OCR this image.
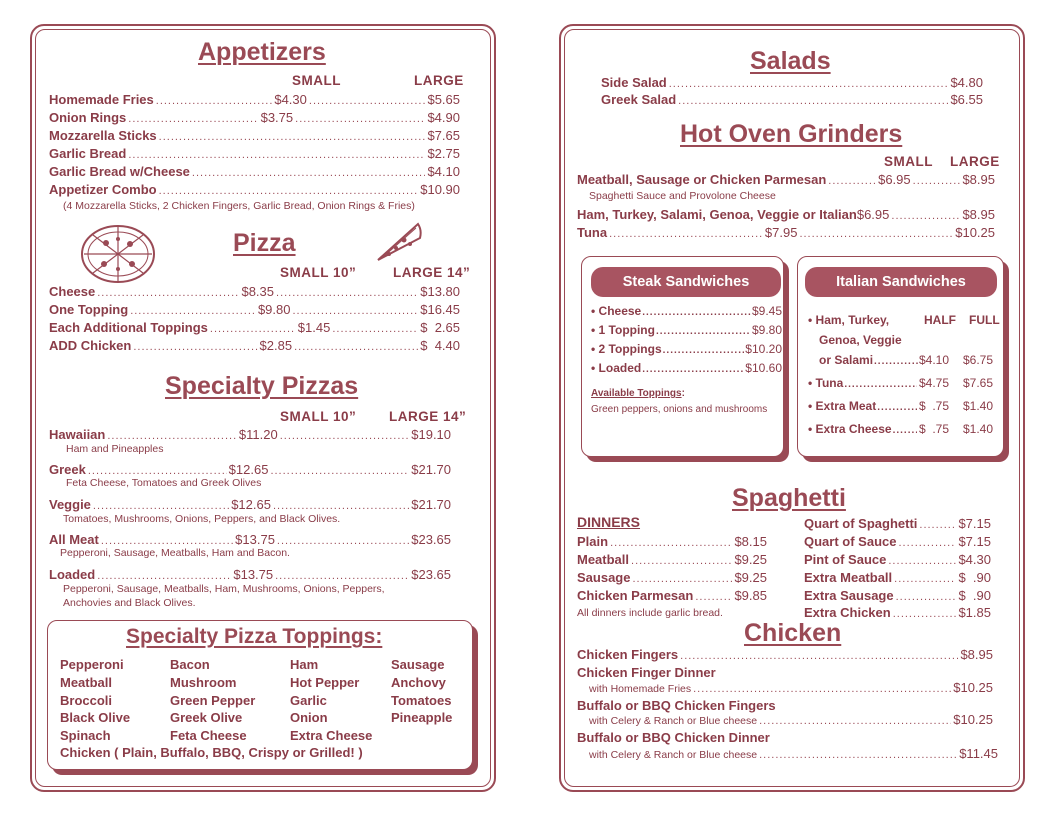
Appetizers
SMALL	LARGE
Homemade Fries .....	$4.30 .....	$5.65
Onion Rings .....	$3.75 .....	$4.90
Mozzarella Sticks .....	$7.65
Garlic Bread .....	$2.75
Garlic Bread w/Cheese .....	$4.10
Appetizer Combo .....	$10.90
(4 Mozzarella Sticks, 2 Chicken Fingers, Garlic Bread, Onion Rings & Fries)
Pizza
SMALL 10”	LARGE 14”
Cheese .....	$8.35 .....	$13.80
One Topping .....	$9.80 .....	$16.45
Each Additional Toppings .....	$1.45 .....	$  2.65
ADD Chicken .....	$2.85 .....	$  4.40
Specialty Pizzas
SMALL 10” LARGE 14”
Hawaiian .....	$11.20 .....	$19.10
Ham and Pineapples
Greek .....	$12.65 .....	$21.70
Feta Cheese, Tomatoes and Greek Olives
Veggie .....	$12.65 .....	$21.70
Tomatoes, Mushrooms, Onions, Peppers, and Black Olives.
All Meat .....	$13.75 .....	$23.65
Pepperoni, Sausage, Meatballs, Ham and Bacon.
Loaded .....	$13.75 .....	$23.65
Pepperoni, Sausage, Meatballs, Ham, Mushrooms, Onions, Peppers,
Anchovies and Black Olives.
Specialty Pizza Toppings:
Pepperoni
Meatball
Broccoli
Black Olive
Spinach
Bacon
Mushroom
Green Pepper
Greek Olive
Feta Cheese
Ham
Hot Pepper
Garlic
Onion
Extra Cheese
Sausage
Anchovy
Tomatoes
Pineapple
Chicken ( Plain, Buffalo, BBQ, Crispy or Grilled! )
Salads
Side Salad .....	$4.80
Greek Salad .....	$6.55
Hot Oven Grinders
SMALL LARGE
Meatball, Sausage or Chicken Parmesan .....	$6.95 .....	$8.95
Spaghetti Sauce and Provolone Cheese
Ham, Turkey, Salami, Genoa, Veggie or Italian $6.95 .....	$8.95
Tuna .....	$7.95 .....	$10.25
Steak Sandwiches
• Cheese .....	$9.45
• 1 Topping .....	$9.80
• 2 Toppings .....	$10.20
• Loaded .....	$10.60
Available Toppings:
Green peppers, onions and mushrooms
Italian Sandwiches
HALF FULL
• Ham, Turkey,
Genoa, Veggie
or Salami .....	$4.10 $6.75
• Tuna .....	$4.75 $7.65
• Extra Meat .....	$  .75 $1.40
• Extra Cheese ..... $  .75 $1.40
Spaghetti
DINNERS
Plain .....	$8.15
Meatball .....	$9.25
Sausage .....	$9.25
Chicken Parmesan .....	$9.85
All dinners include garlic bread.
Quart of Spaghetti .....	$7.15
Quart of Sauce .....	$7.15
Pint of Sauce .....	$4.30
Extra Meatball .....	$  .90
Extra Sausage .....	$  .90
Extra Chicken .....	$1.85
Chicken
Chicken Fingers .....	$8.95
Chicken Finger Dinner
with Homemade Fries .....	$10.25
Buffalo or BBQ Chicken Fingers
with Celery & Ranch or Blue cheese .....	$10.25
Buffalo or BBQ Chicken Dinner
with Celery & Ranch or Blue cheese .....	$11.45
